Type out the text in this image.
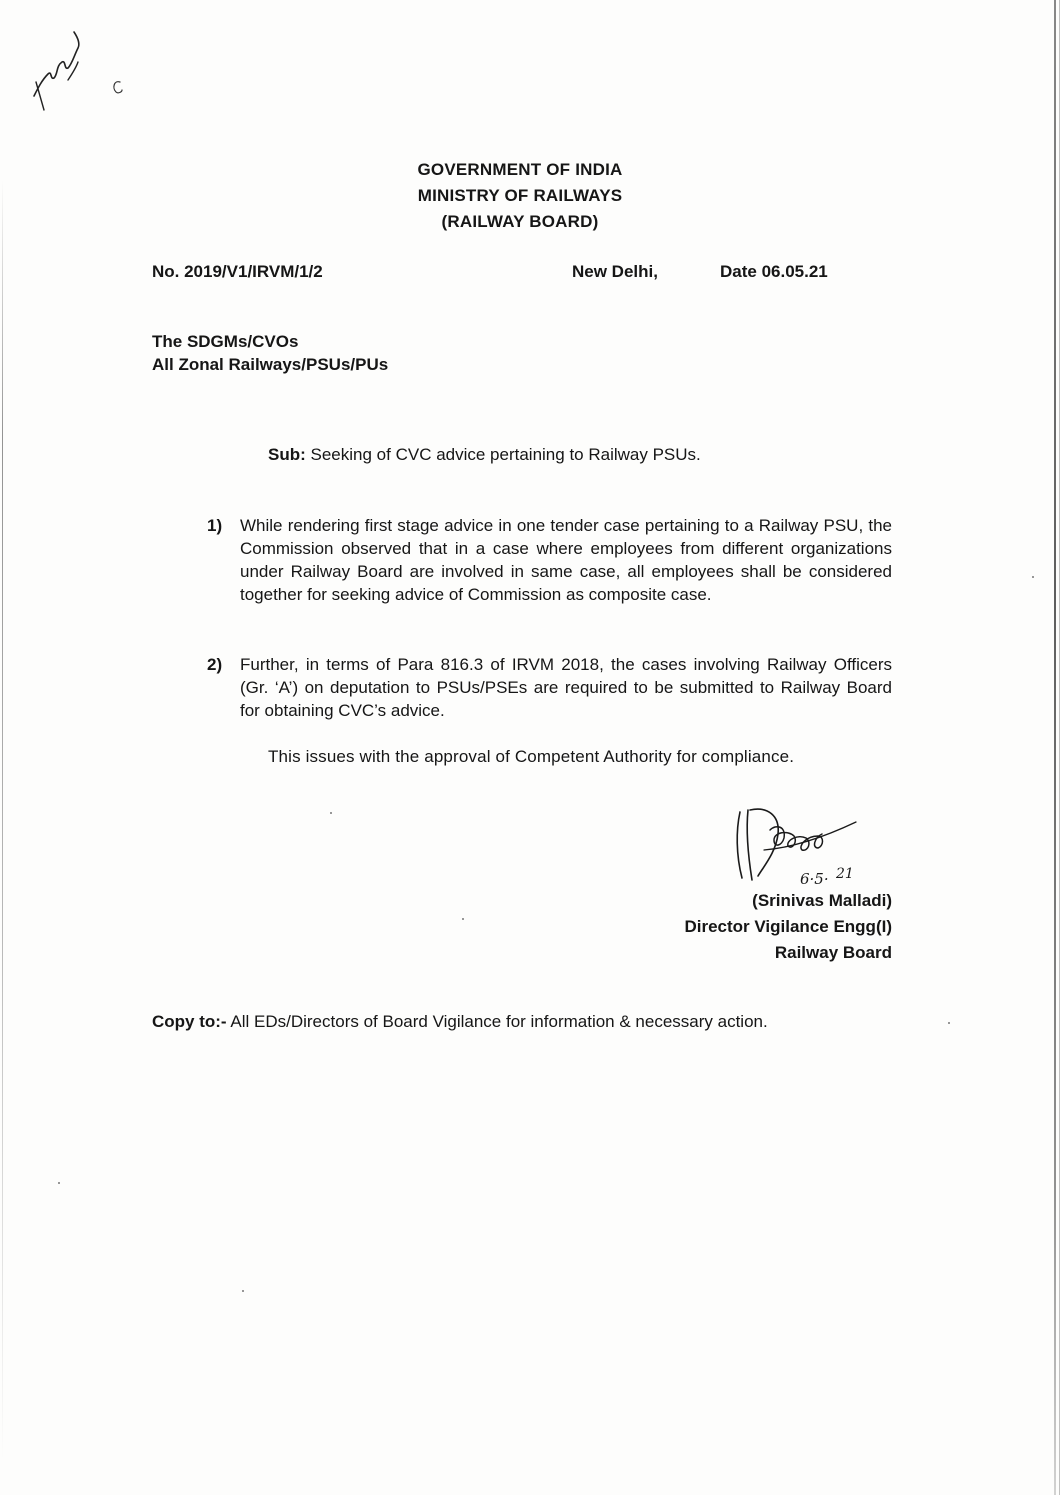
GOVERNMENT OF INDIA
MINISTRY OF RAILWAYS
(RAILWAY BOARD)
No. 2019/V1/IRVM/1/2	New Delhi,	Date 06.05.21
The SDGMs/CVOs
All Zonal Railways/PSUs/PUs
Sub: Seeking of CVC advice pertaining to Railway PSUs.
1) While rendering first stage advice in one tender case pertaining to a Railway PSU, the Commission observed that in a case where employees from different organizations under Railway Board are involved in same case, all employees shall be considered together for seeking advice of Commission as composite case.
2) Further, in terms of Para 816.3 of IRVM 2018, the cases involving Railway Officers (Gr. ‘A’) on deputation to PSUs/PSEs are required to be submitted to Railway Board for obtaining CVC’s advice.
This issues with the approval of Competent Authority for compliance.
6·5· 21
(Srinivas Malladi)
Director Vigilance Engg(I)
Railway Board
Copy to:- All EDs/Directors of Board Vigilance for information & necessary action.
